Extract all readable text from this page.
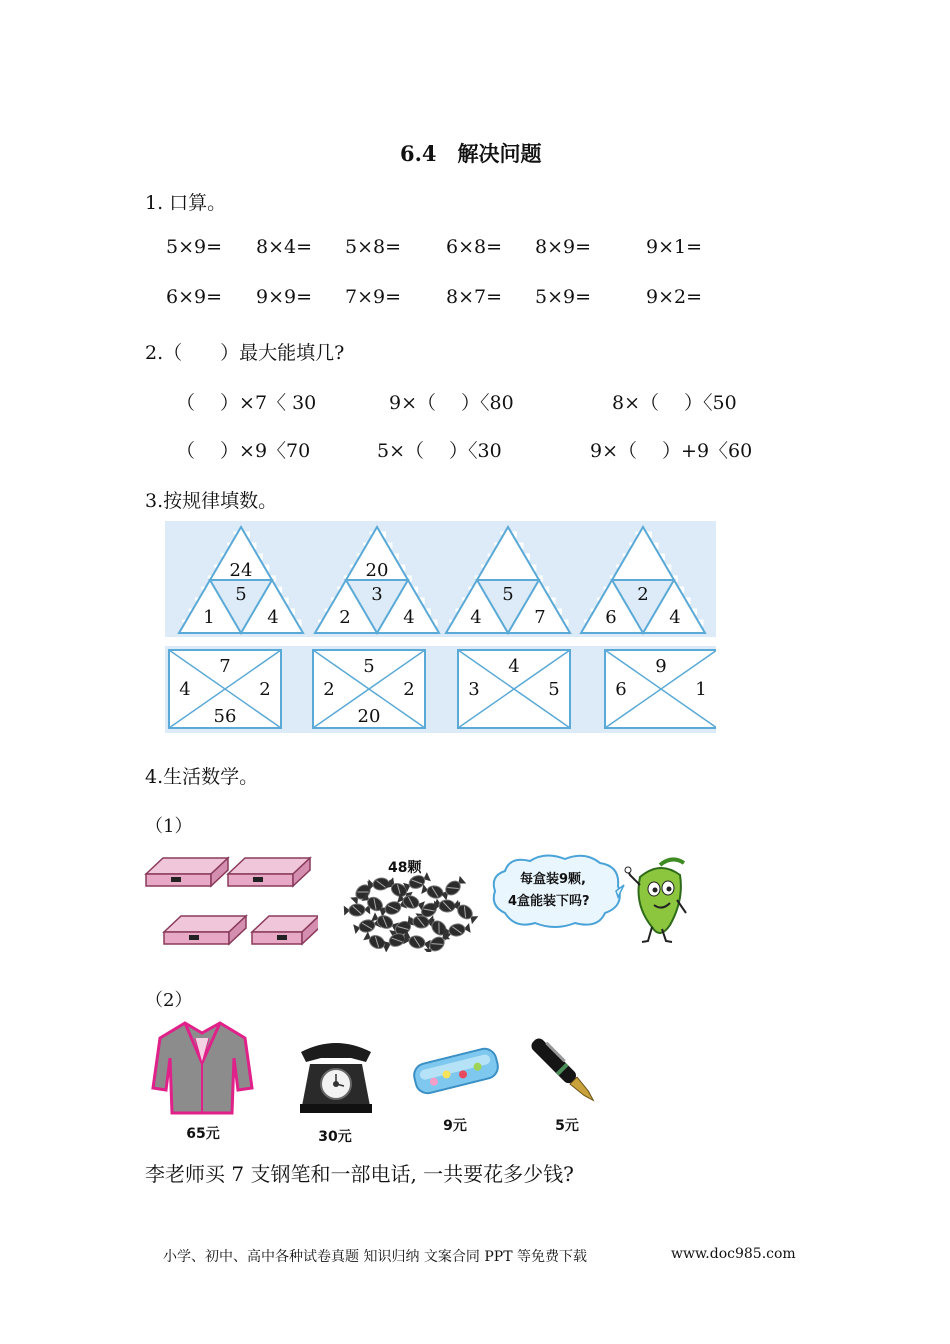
6.4　解决问题
1. 口算。
5×9= 8×4= 5×8= 6×8= 8×9=	9×1=
6×9= 9×9= 7×9= 8×7= 5×9=	9×2=
2.（　　）最大能填几?
（　 ）×7〈 30	9×（　 ）〈80	8×（　 ）〈50
（　 ）×9〈70	5×（　 ）〈30	9×（　 ）+9〈60
3.按规律填数。
24
5
1	4
20
3
2	4
5
4	7
2
6	4
7
4	2
56
5
2	2
20
4
3	5
9
6	1
4.生活数学。
（1）
48颗
每盒装9颗,
4盒能装下吗?
（2）
65元	30元
9元	5元
李老师买 7 支钢笔和一部电话, 一共要花多少钱?
小学、初中、高中各种试卷真题 知识归纳 文案合同 PPT 等免费下载	www.doc985.com
